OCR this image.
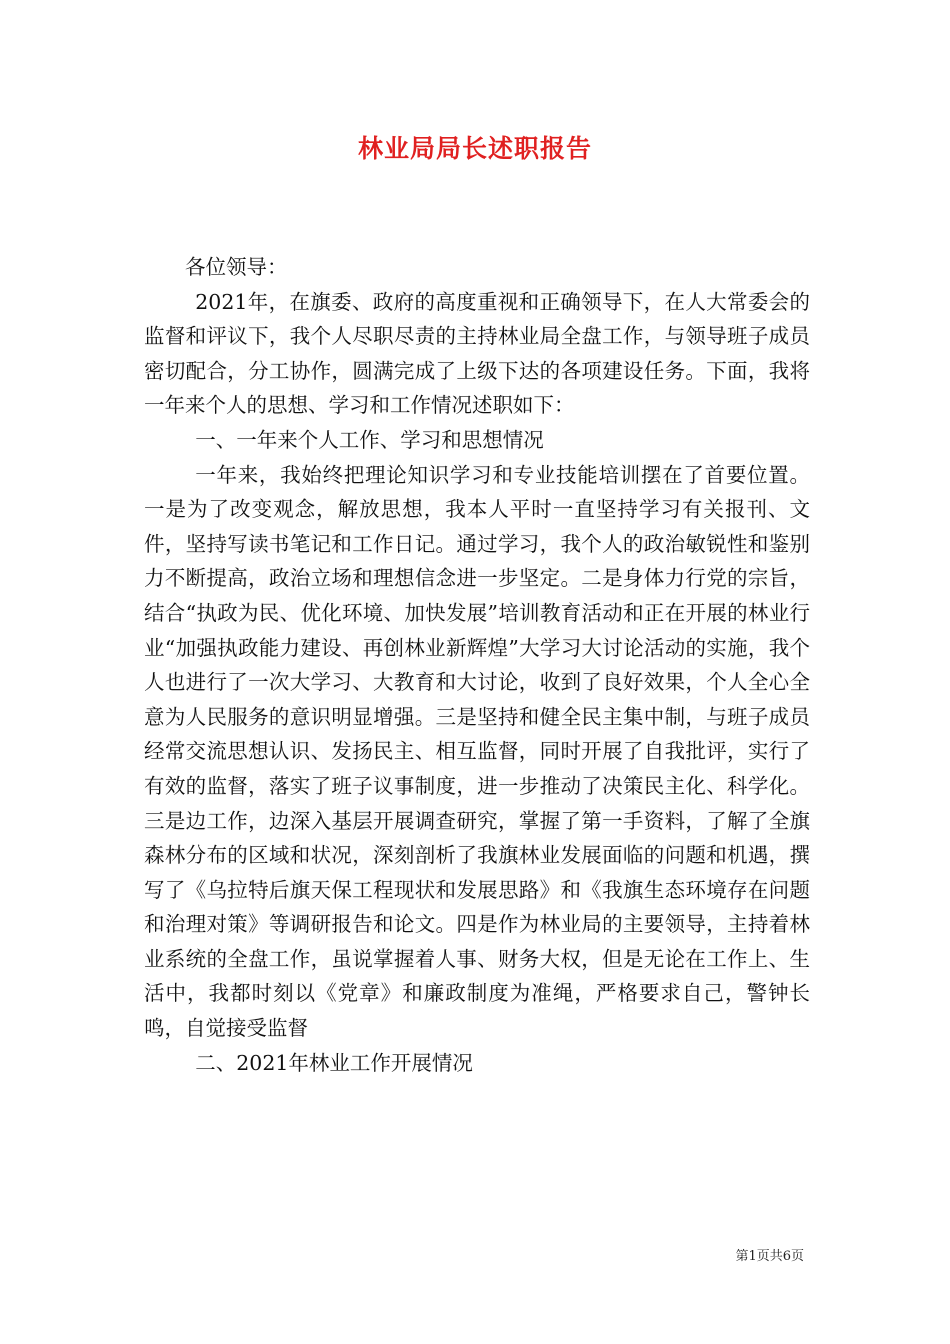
林业局局长述职报告

各位领导：

2021年，在旗委、政府的高度重视和正确领导下，在人大常委会的监督和评议下，我个人尽职尽责的主持林业局全盘工作，与领导班子成员密切配合，分工协作，圆满完成了上级下达的各项建设任务。下面，我将一年来个人的思想、学习和工作情况述职如下：

一、一年来个人工作、学习和思想情况

一年来，我始终把理论知识学习和专业技能培训摆在了首要位置。一是为了改变观念，解放思想，我本人平时一直坚持学习有关报刊、文件，坚持写读书笔记和工作日记。通过学习，我个人的政治敏锐性和鉴别力不断提高，政治立场和理想信念进一步坚定。二是身体力行党的宗旨，结合“执政为民、优化环境、加快发展”培训教育活动和正在开展的林业行业“加强执政能力建设、再创林业新辉煌”大学习大讨论活动的实施，我个人也进行了一次大学习、大教育和大讨论，收到了良好效果，个人全心全意为人民服务的意识明显增强。三是坚持和健全民主集中制，与班子成员经常交流思想认识、发扬民主、相互监督，同时开展了自我批评，实行了有效的监督，落实了班子议事制度，进一步推动了决策民主化、科学化。三是边工作，边深入基层开展调查研究，掌握了第一手资料，了解了全旗森林分布的区域和状况，深刻剖析了我旗林业发展面临的问题和机遇，撰写了《乌拉特后旗天保工程现状和发展思路》和《我旗生态环境存在问题和治理对策》等调研报告和论文。四是作为林业局的主要领导，主持着林业系统的全盘工作，虽说掌握着人事、财务大权，但是无论在工作上、生活中，我都时刻以《党章》和廉政制度为准绳，严格要求自己，警钟长鸣，自觉接受监督

二、2021年林业工作开展情况

第1页共6页
